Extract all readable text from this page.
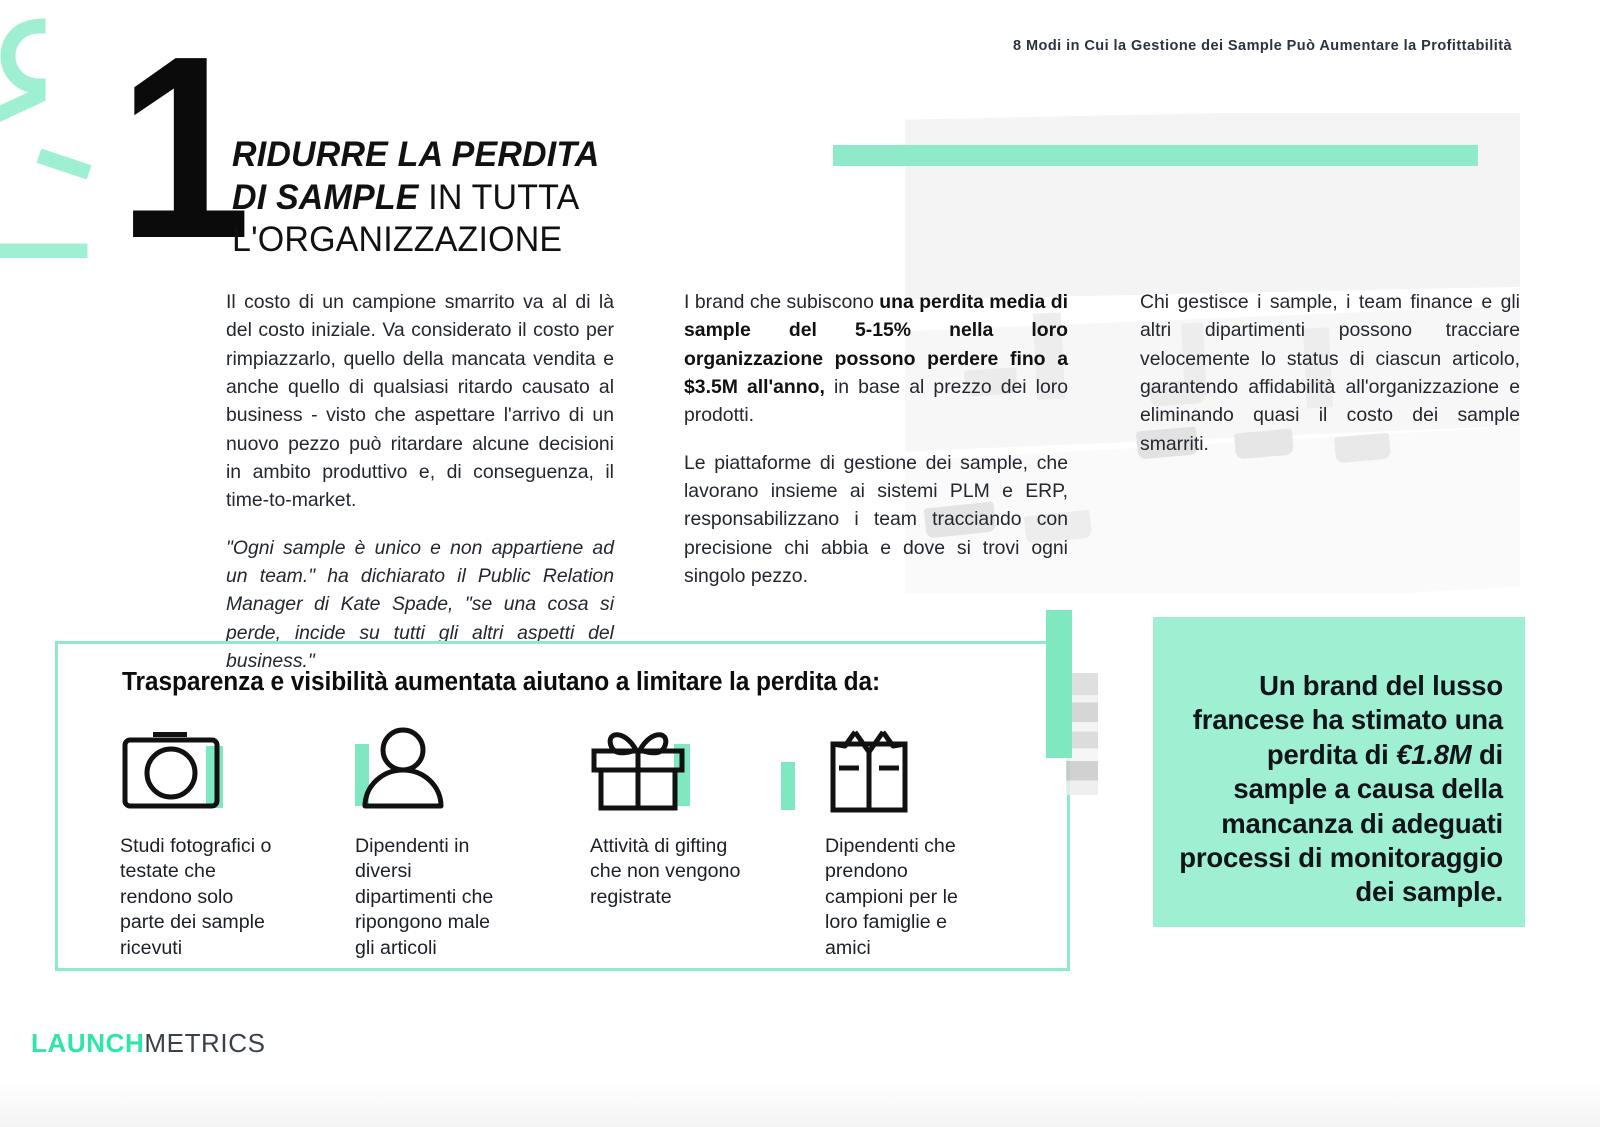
1
RIDURRE LA PERDITA DI SAMPLE IN TUTTA L'ORGANIZZAZIONE
8 Modi in Cui la Gestione dei Sample Può Aumentare la Profittabilità

Il costo di un campione smarrito va al di là del costo iniziale. Va considerato il costo per rimpiazzarlo, quello della mancata vendita e anche quello di qualsiasi ritardo causato al business - visto che aspettare l'arrivo di un nuovo pezzo può ritardare alcune decisioni in ambito produttivo e, di conseguenza, il time-to-market.

"Ogni sample è unico e non appartiene ad un team." ha dichiarato il Public Relation Manager di Kate Spade, "se una cosa si perde, incide su tutti gli altri aspetti del business."

I brand che subiscono una perdita media di sample del 5-15% nella loro organizzazione possono perdere fino a $3.5M all'anno, in base al prezzo dei loro prodotti.

Le piattaforme di gestione dei sample, che lavorano insieme ai sistemi PLM e ERP, responsabilizzano i team tracciando con precisione chi abbia e dove si trovi ogni singolo pezzo.

Chi gestisce i sample, i team finance e gli altri dipartimenti possono tracciare velocemente lo status di ciascun articolo, garantendo affidabilità all'organizzazione e eliminando quasi il costo dei sample smarriti.

Trasparenza e visibilità aumentata aiutano a limitare la perdita da:
Studi fotografici o testate che rendono solo parte dei sample ricevuti
Dipendenti in diversi dipartimenti che ripongono male gli articoli
Attività di gifting che non vengono registrate
Dipendenti che prendono campioni per le loro famiglie e amici
Un brand del lusso francese ha stimato una perdita di €1.8M di sample a causa della mancanza di adeguati processi di monitoraggio dei sample.
LAUNCHMETRICS
